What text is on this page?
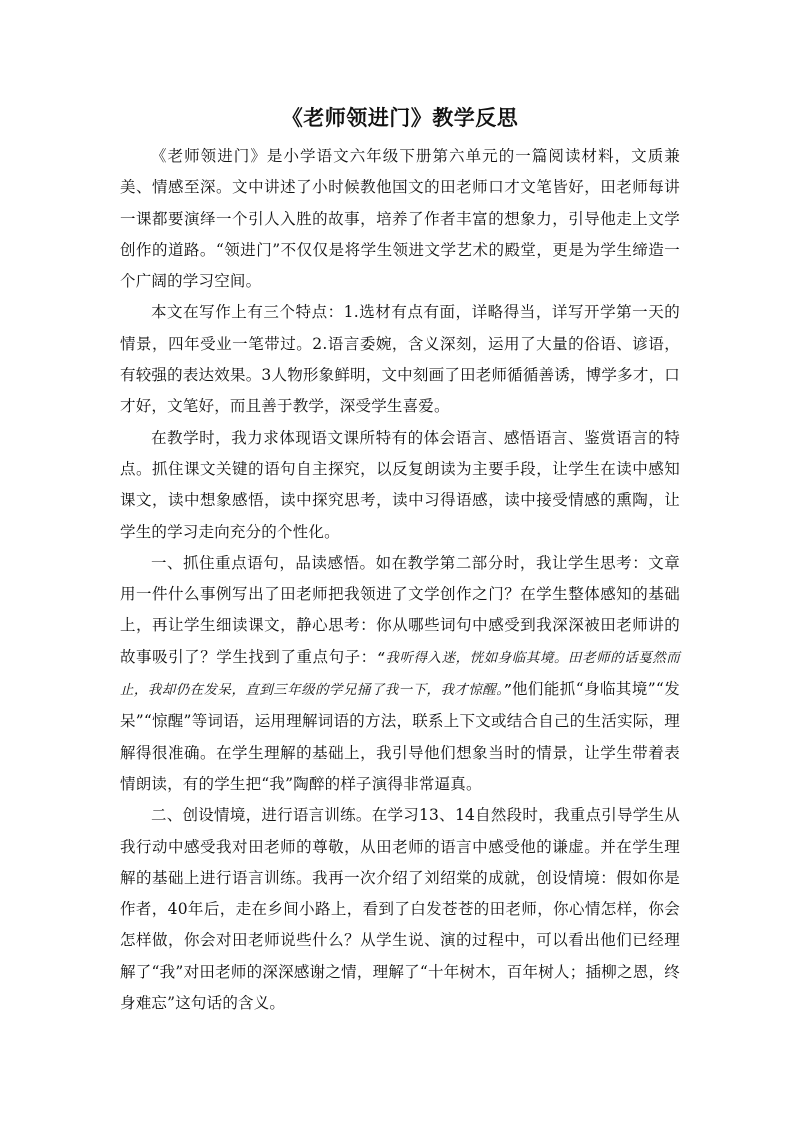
《老师领进门》教学反思

《老师领进门》是小学语文六年级下册第六单元的一篇阅读材料，文质兼美、情感至深。文中讲述了小时候教他国文的田老师口才文笔皆好，田老师每讲一课都要演绎一个引人入胜的故事，培养了作者丰富的想象力，引导他走上文学创作的道路。“领进门”不仅仅是将学生领进文学艺术的殿堂，更是为学生缔造一个广阔的学习空间。

本文在写作上有三个特点：1.选材有点有面，详略得当，详写开学第一天的情景，四年受业一笔带过。2.语言委婉，含义深刻，运用了大量的俗语、谚语，有较强的表达效果。3人物形象鲜明，文中刻画了田老师循循善诱，博学多才，口才好，文笔好，而且善于教学，深受学生喜爱。

在教学时，我力求体现语文课所特有的体会语言、感悟语言、鉴赏语言的特点。抓住课文关键的语句自主探究，以反复朗读为主要手段，让学生在读中感知课文，读中想象感悟，读中探究思考，读中习得语感，读中接受情感的熏陶，让学生的学习走向充分的个性化。

一、抓住重点语句，品读感悟。如在教学第二部分时，我让学生思考：文章用一件什么事例写出了田老师把我领进了文学创作之门？在学生整体感知的基础上，再让学生细读课文，静心思考：你从哪些词句中感受到我深深被田老师讲的故事吸引了？学生找到了重点句子：“我听得入迷，恍如身临其境。田老师的话戛然而止，我却仍在发呆，直到三年级的学兄捅了我一下，我才惊醒。”他们能抓“身临其境”“发呆”“惊醒”等词语，运用理解词语的方法，联系上下文或结合自己的生活实际，理解得很准确。在学生理解的基础上，我引导他们想象当时的情景，让学生带着表情朗读，有的学生把“我”陶醉的样子演得非常逼真。

二、创设情境，进行语言训练。在学习13、14自然段时，我重点引导学生从我行动中感受我对田老师的尊敬，从田老师的语言中感受他的谦虚。并在学生理解的基础上进行语言训练。我再一次介绍了刘绍棠的成就，创设情境：假如你是作者，40年后，走在乡间小路上，看到了白发苍苍的田老师，你心情怎样，你会怎样做，你会对田老师说些什么？从学生说、演的过程中，可以看出他们已经理解了“我”对田老师的深深感谢之情，理解了“十年树木，百年树人；插柳之恩，终身难忘”这句话的含义。
